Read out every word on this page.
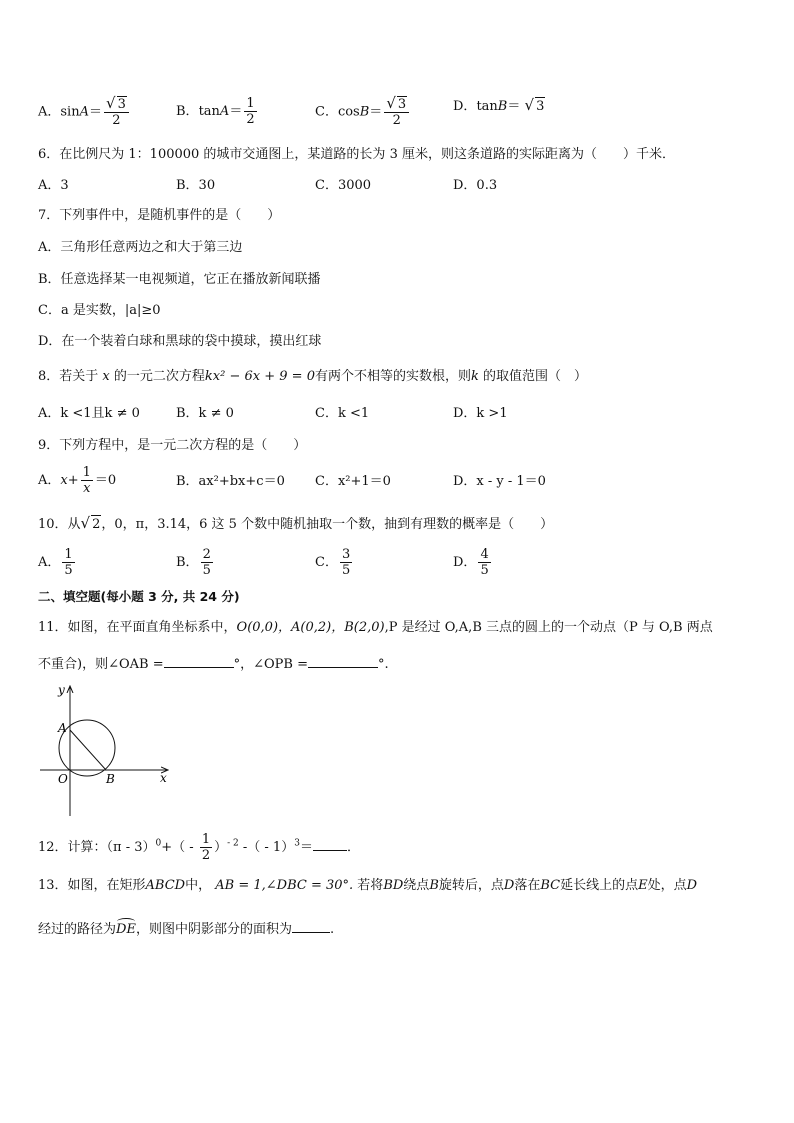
A．$\sin A= \frac{√ 3}{2}$	B．$\tan A= \frac{1}{2}$	C．$\cos B= \frac{√ 3}{2}$	D．tanB＝ √ 3
6．在比例尺为 1：100000 的城市交通图上，某道路的长为 3 厘米，则这条道路的实际距离为（　　）千米．
A．3	B．30	C．3000	D．0.3
7．下列事件中，是随机事件的是（　　）
A．三角形任意两边之和大于第三边
B．任意选择某一电视频道，它正在播放新闻联播
C．a 是实数，|a|≥0
D．在一个装着白球和黑球的袋中摸球，摸出红球
8．若关于 x 的一元二次方程kx² − 6x + 9 = 0有两个不相等的实数根，则k 的取值范围（　）
A．k <1且k ≠ 0	B．k ≠ 0	C．k <1	D．k >1
9．下列方程中，是一元二次方程的是（　　）
A．$x+ \frac{1}{x} =0$	B．ax²+bx+c＝0 C．x²+1＝0	D．x - y - 1＝0
10．从√ 2，0，π，3.14，6 这 5 个数中随机抽取一个数，抽到有理数的概率是（　　）
A． $\frac{1}{5}$	B． $\frac{2}{5}$	C． $\frac{3}{5}$	D． $\frac{4}{5}$
二、填空题(每小题 3 分, 共 24 分)
11．如图，在平面直角坐标系中，O(0,0)，A(0,2)，B(2,0),P 是经过 O,A,B 三点的圆上的一个动点（P 与 O,B 两点
不重合)，则∠OAB =	°，∠OPB =	°.
y
x
A
O	B
12．计算：$(\pi - 3)^0+( - \frac{1}{2} )^{- 2}$ -（ - 1）$^3$＝	．
13．如图，在矩形ABCD中， AB = 1,∠DBC = 30°. 若将BD绕点B旋转后，点D落在BC延长线上的点E处，点D
经过的路径为DE，则图中阴影部分的面积为	.
